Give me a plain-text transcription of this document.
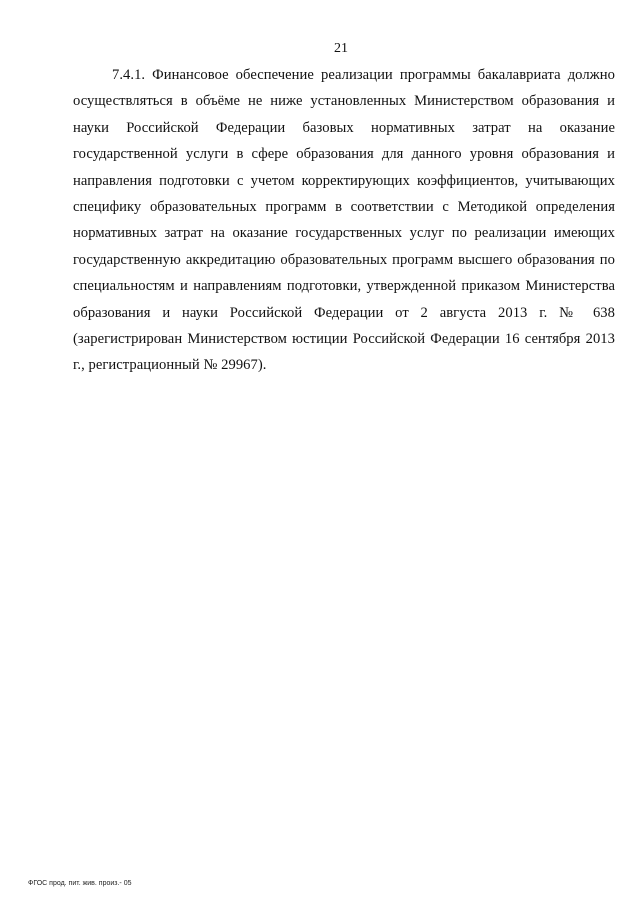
21

7.4.1. Финансовое обеспечение реализации программы бакалавриата должно осуществляться в объёме не ниже установленных Министерством образования и науки Российской Федерации базовых нормативных затрат на оказание государственной услуги в сфере образования для данного уровня образования и направления подготовки с учетом корректирующих коэффициентов, учитывающих специфику образовательных программ в соответствии с Методикой определения нормативных затрат на оказание государственных услуг по реализации имеющих государственную аккредитацию образовательных программ высшего образования по специальностям и направлениям подготовки, утвержденной приказом Министерства образования и науки Российской Федерации от 2 августа 2013 г. № 638 (зарегистрирован Министерством юстиции Российской Федерации 16 сентября 2013 г., регистрационный № 29967).

ФГОС прод. пит. жив. произ.- 05
